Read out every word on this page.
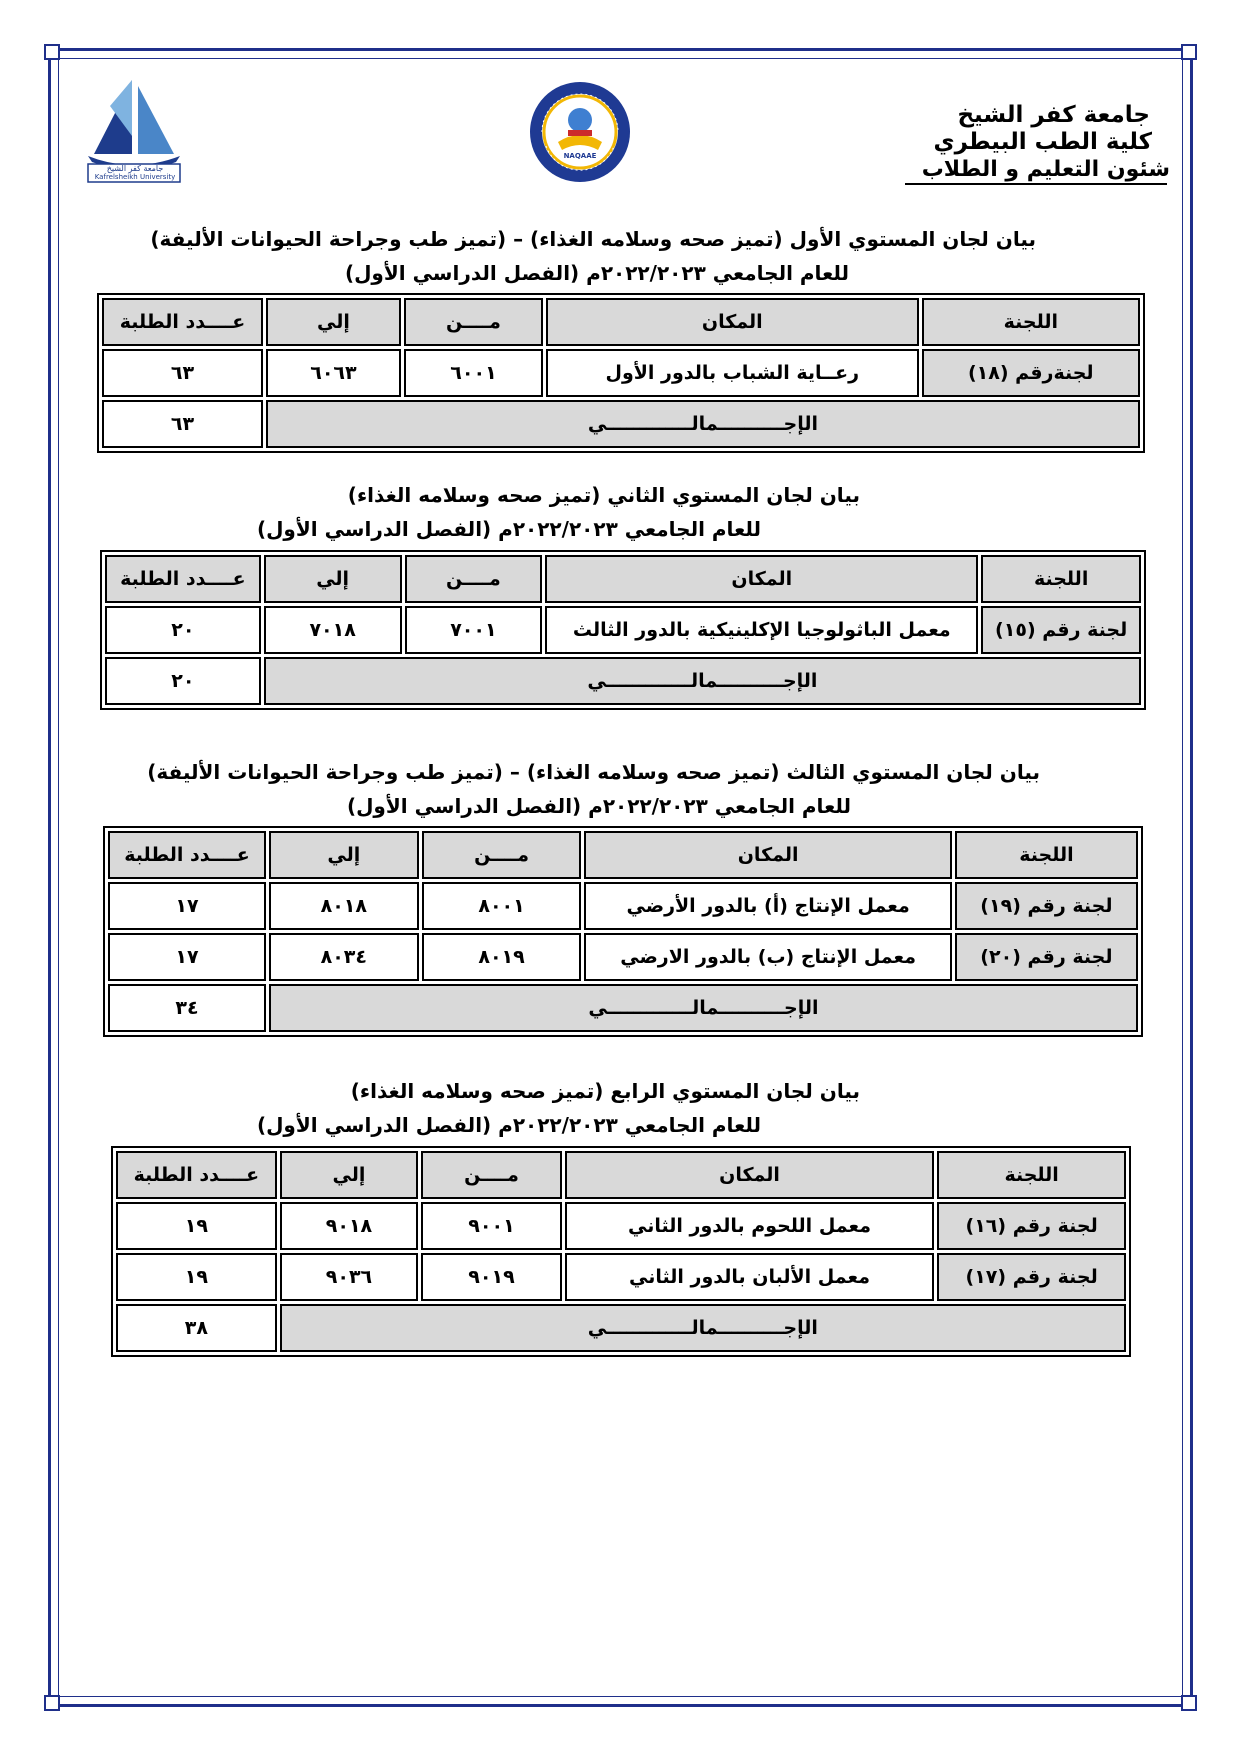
جامعة كفر الشيخ
Kafrelsheikh University
NAQAAE
جامعة كفر الشيخ
كلية الطب البيطري
شئون التعليم و الطلاب
بيان لجان المستوي الأول (تميز صحه وسلامه الغذاء) – (تميز طب وجراحة الحيوانات الأليفة)
للعام الجامعي ٢٠٢٢/٢٠٢٣م (الفصل الدراسي الأول)
اللجنة	المكان	مــــن	إلي	عــــدد الطلبة
لجنةرقم (١٨)	رعــاية الشباب بالدور الأول	٦٠٠١	٦٠٦٣	٦٣
الإجــــــــــمالـــــــــــــي				٦٣
بيان لجان المستوي الثاني (تميز صحه وسلامه الغذاء)
للعام الجامعي ٢٠٢٢/٢٠٢٣م (الفصل الدراسي الأول)
اللجنة	المكان	مــــن	إلي	عــــدد الطلبة
لجنة رقم (١٥)	معمل الباثولوجيا الإكلينيكية بالدور الثالث	٧٠٠١	٧٠١٨	٢٠
الإجــــــــــمالـــــــــــــي				٢٠
بيان لجان المستوي الثالث (تميز صحه وسلامه الغذاء) – (تميز طب وجراحة الحيوانات الأليفة)
للعام الجامعي ٢٠٢٢/٢٠٢٣م (الفصل الدراسي الأول)
اللجنة	المكان	مــــن	إلي	عــــدد الطلبة
لجنة رقم (١٩)	معمل الإنتاج (أ) بالدور الأرضي	٨٠٠١	٨٠١٨	١٧
لجنة رقم (٢٠)	معمل الإنتاج (ب) بالدور الارضي	٨٠١٩	٨٠٣٤	١٧
الإجــــــــــمالـــــــــــــي				٣٤
بيان لجان المستوي الرابع (تميز صحه وسلامه الغذاء)
للعام الجامعي ٢٠٢٢/٢٠٢٣م (الفصل الدراسي الأول)
اللجنة	المكان	مــــن	إلي	عــــدد الطلبة
لجنة رقم (١٦)	معمل اللحوم بالدور الثاني	٩٠٠١	٩٠١٨	١٩
لجنة رقم (١٧)	معمل الألبان بالدور الثاني	٩٠١٩	٩٠٣٦	١٩
الإجــــــــــمالـــــــــــــي				٣٨
